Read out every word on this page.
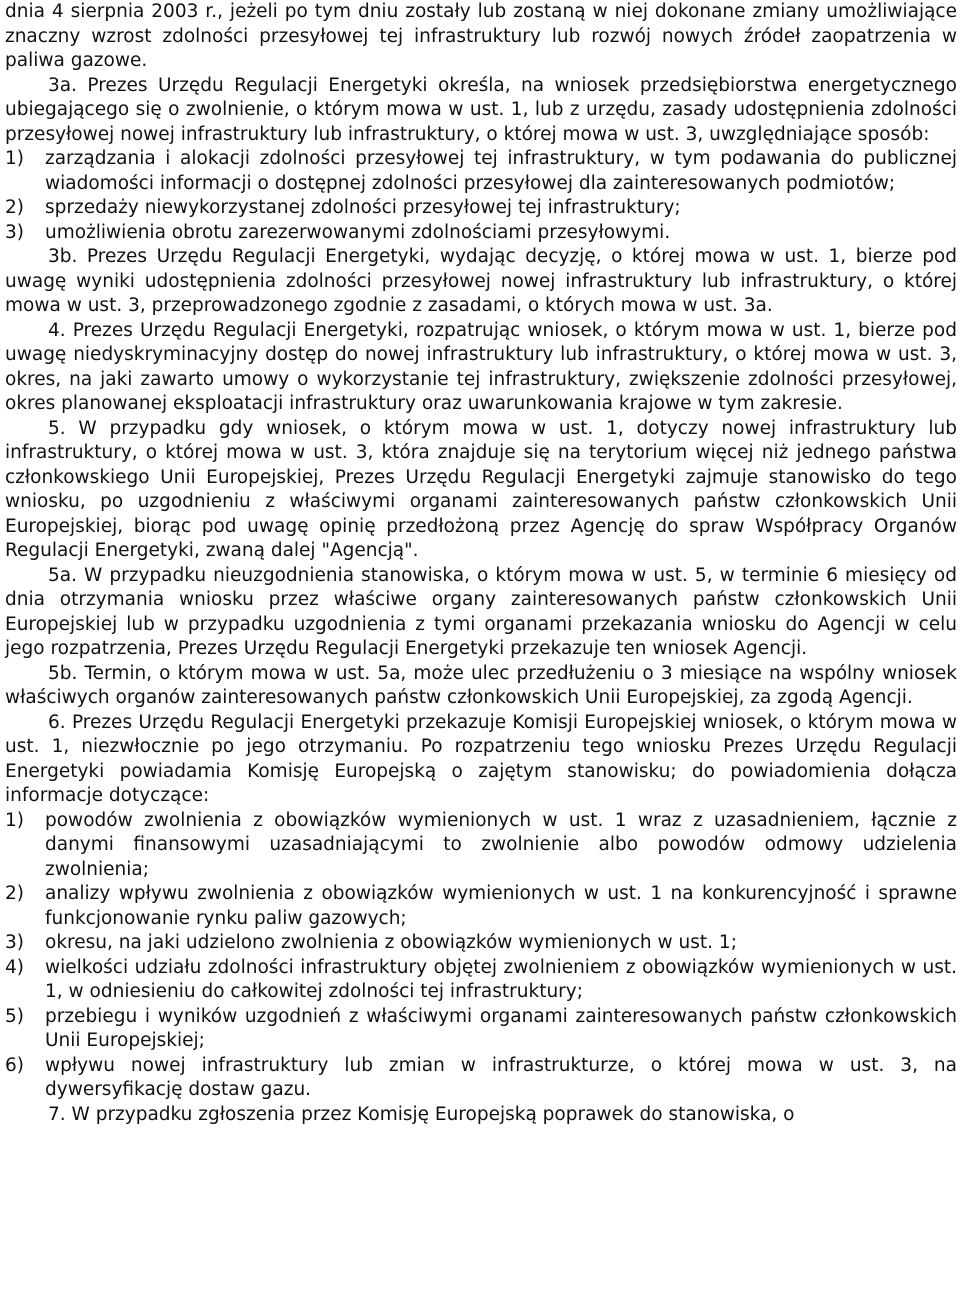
dnia 4 sierpnia 2003 r., jeżeli po tym dniu zostały lub zostaną w niej dokonane zmiany umożliwiające znaczny wzrost zdolności przesyłowej tej infrastruktury lub rozwój nowych źródeł zaopatrzenia w paliwa gazowe.

3a. Prezes Urzędu Regulacji Energetyki określa, na wniosek przedsiębiorstwa energetycznego ubiegającego się o zwolnienie, o którym mowa w ust. 1, lub z urzędu, zasady udostępnienia zdolności przesyłowej nowej infrastruktury lub infrastruktury, o której mowa w ust. 3, uwzględniające sposób:

1) zarządzania i alokacji zdolności przesyłowej tej infrastruktury, w tym podawania do publicznej wiadomości informacji o dostępnej zdolności przesyłowej dla zainteresowanych podmiotów;

2) sprzedaży niewykorzystanej zdolności przesyłowej tej infrastruktury;

3) umożliwienia obrotu zarezerwowanymi zdolnościami przesyłowymi.

3b. Prezes Urzędu Regulacji Energetyki, wydając decyzję, o której mowa w ust. 1, bierze pod uwagę wyniki udostępnienia zdolności przesyłowej nowej infrastruktury lub infrastruktury, o której mowa w ust. 3, przeprowadzonego zgodnie z zasadami, o których mowa w ust. 3a.

4. Prezes Urzędu Regulacji Energetyki, rozpatrując wniosek, o którym mowa w ust. 1, bierze pod uwagę niedyskryminacyjny dostęp do nowej infrastruktury lub infrastruktury, o której mowa w ust. 3, okres, na jaki zawarto umowy o wykorzystanie tej infrastruktury, zwiększenie zdolności przesyłowej, okres planowanej eksploatacji infrastruktury oraz uwarunkowania krajowe w tym zakresie.

5. W przypadku gdy wniosek, o którym mowa w ust. 1, dotyczy nowej infrastruktury lub infrastruktury, o której mowa w ust. 3, która znajduje się na terytorium więcej niż jednego państwa członkowskiego Unii Europejskiej, Prezes Urzędu Regulacji Energetyki zajmuje stanowisko do tego wniosku, po uzgodnieniu z właściwymi organami zainteresowanych państw członkowskich Unii Europejskiej, biorąc pod uwagę opinię przedłożoną przez Agencję do spraw Współpracy Organów Regulacji Energetyki, zwaną dalej "Agencją".

5a. W przypadku nieuzgodnienia stanowiska, o którym mowa w ust. 5, w terminie 6 miesięcy od dnia otrzymania wniosku przez właściwe organy zainteresowanych państw członkowskich Unii Europejskiej lub w przypadku uzgodnienia z tymi organami przekazania wniosku do Agencji w celu jego rozpatrzenia, Prezes Urzędu Regulacji Energetyki przekazuje ten wniosek Agencji.

5b. Termin, o którym mowa w ust. 5a, może ulec przedłużeniu o 3 miesiące na wspólny wniosek właściwych organów zainteresowanych państw członkowskich Unii Europejskiej, za zgodą Agencji.

6. Prezes Urzędu Regulacji Energetyki przekazuje Komisji Europejskiej wniosek, o którym mowa w ust. 1, niezwłocznie po jego otrzymaniu. Po rozpatrzeniu tego wniosku Prezes Urzędu Regulacji Energetyki powiadamia Komisję Europejską o zajętym stanowisku; do powiadomienia dołącza informacje dotyczące:

1) powodów zwolnienia z obowiązków wymienionych w ust. 1 wraz z uzasadnieniem, łącznie z danymi finansowymi uzasadniającymi to zwolnienie albo powodów odmowy udzielenia zwolnienia;

2) analizy wpływu zwolnienia z obowiązków wymienionych w ust. 1 na konkurencyjność i sprawne funkcjonowanie rynku paliw gazowych;

3) okresu, na jaki udzielono zwolnienia z obowiązków wymienionych w ust. 1;

4) wielkości udziału zdolności infrastruktury objętej zwolnieniem z obowiązków wymienionych w ust. 1, w odniesieniu do całkowitej zdolności tej infrastruktury;

5) przebiegu i wyników uzgodnień z właściwymi organami zainteresowanych państw członkowskich Unii Europejskiej;

6) wpływu nowej infrastruktury lub zmian w infrastrukturze, o której mowa w ust. 3, na dywersyfikację dostaw gazu.

7. W przypadku zgłoszenia przez Komisję Europejską poprawek do stanowiska, o
